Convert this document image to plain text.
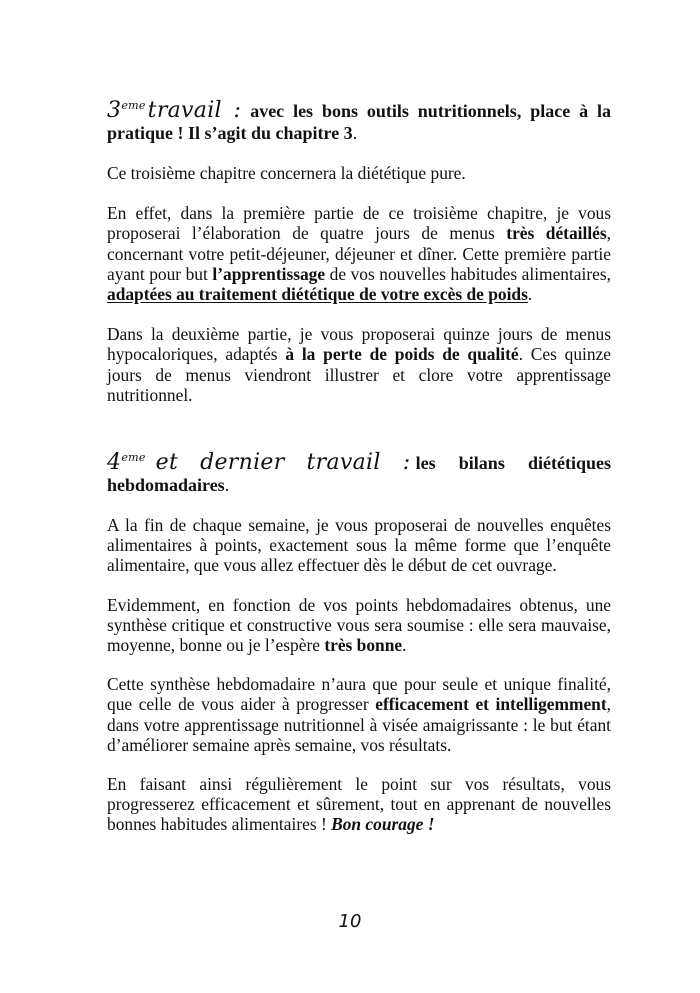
3emetravail : avec les bons outils nutritionnels, place à la pratique ! Il s’agit du chapitre 3.

Ce troisième chapitre concernera la diététique pure.

En effet, dans la première partie de ce troisième chapitre, je vous proposerai l’élaboration de quatre jours de menus très détaillés, concernant votre petit-déjeuner, déjeuner et dîner. Cette première partie ayant pour but l’apprentissage de vos nouvelles habitudes alimentaires, adaptées au traitement diététique de votre excès de poids.

Dans la deuxième partie, je vous proposerai quinze jours de menus hypocaloriques, adaptés à la perte de poids de qualité. Ces quinze jours de menus viendront illustrer et clore votre apprentissage nutritionnel.

4eme et dernier travail : les bilans diététiques hebdomadaires.

A la fin de chaque semaine, je vous proposerai de nouvelles enquêtes alimentaires à points, exactement sous la même forme que l’enquête alimentaire, que vous allez effectuer dès le début de cet ouvrage.

Evidemment, en fonction de vos points hebdomadaires obtenus, une synthèse critique et constructive vous sera soumise : elle sera mauvaise, moyenne, bonne ou je l’espère très bonne.

Cette synthèse hebdomadaire n’aura que pour seule et unique finalité, que celle de vous aider à progresser efficacement et intelligemment, dans votre apprentissage nutritionnel à visée amaigrissante : le but étant d’améliorer semaine après semaine, vos résultats.

En faisant ainsi régulièrement le point sur vos résultats, vous progresserez efficacement et sûrement, tout en apprenant de nouvelles bonnes habitudes alimentaires ! Bon courage !

10
